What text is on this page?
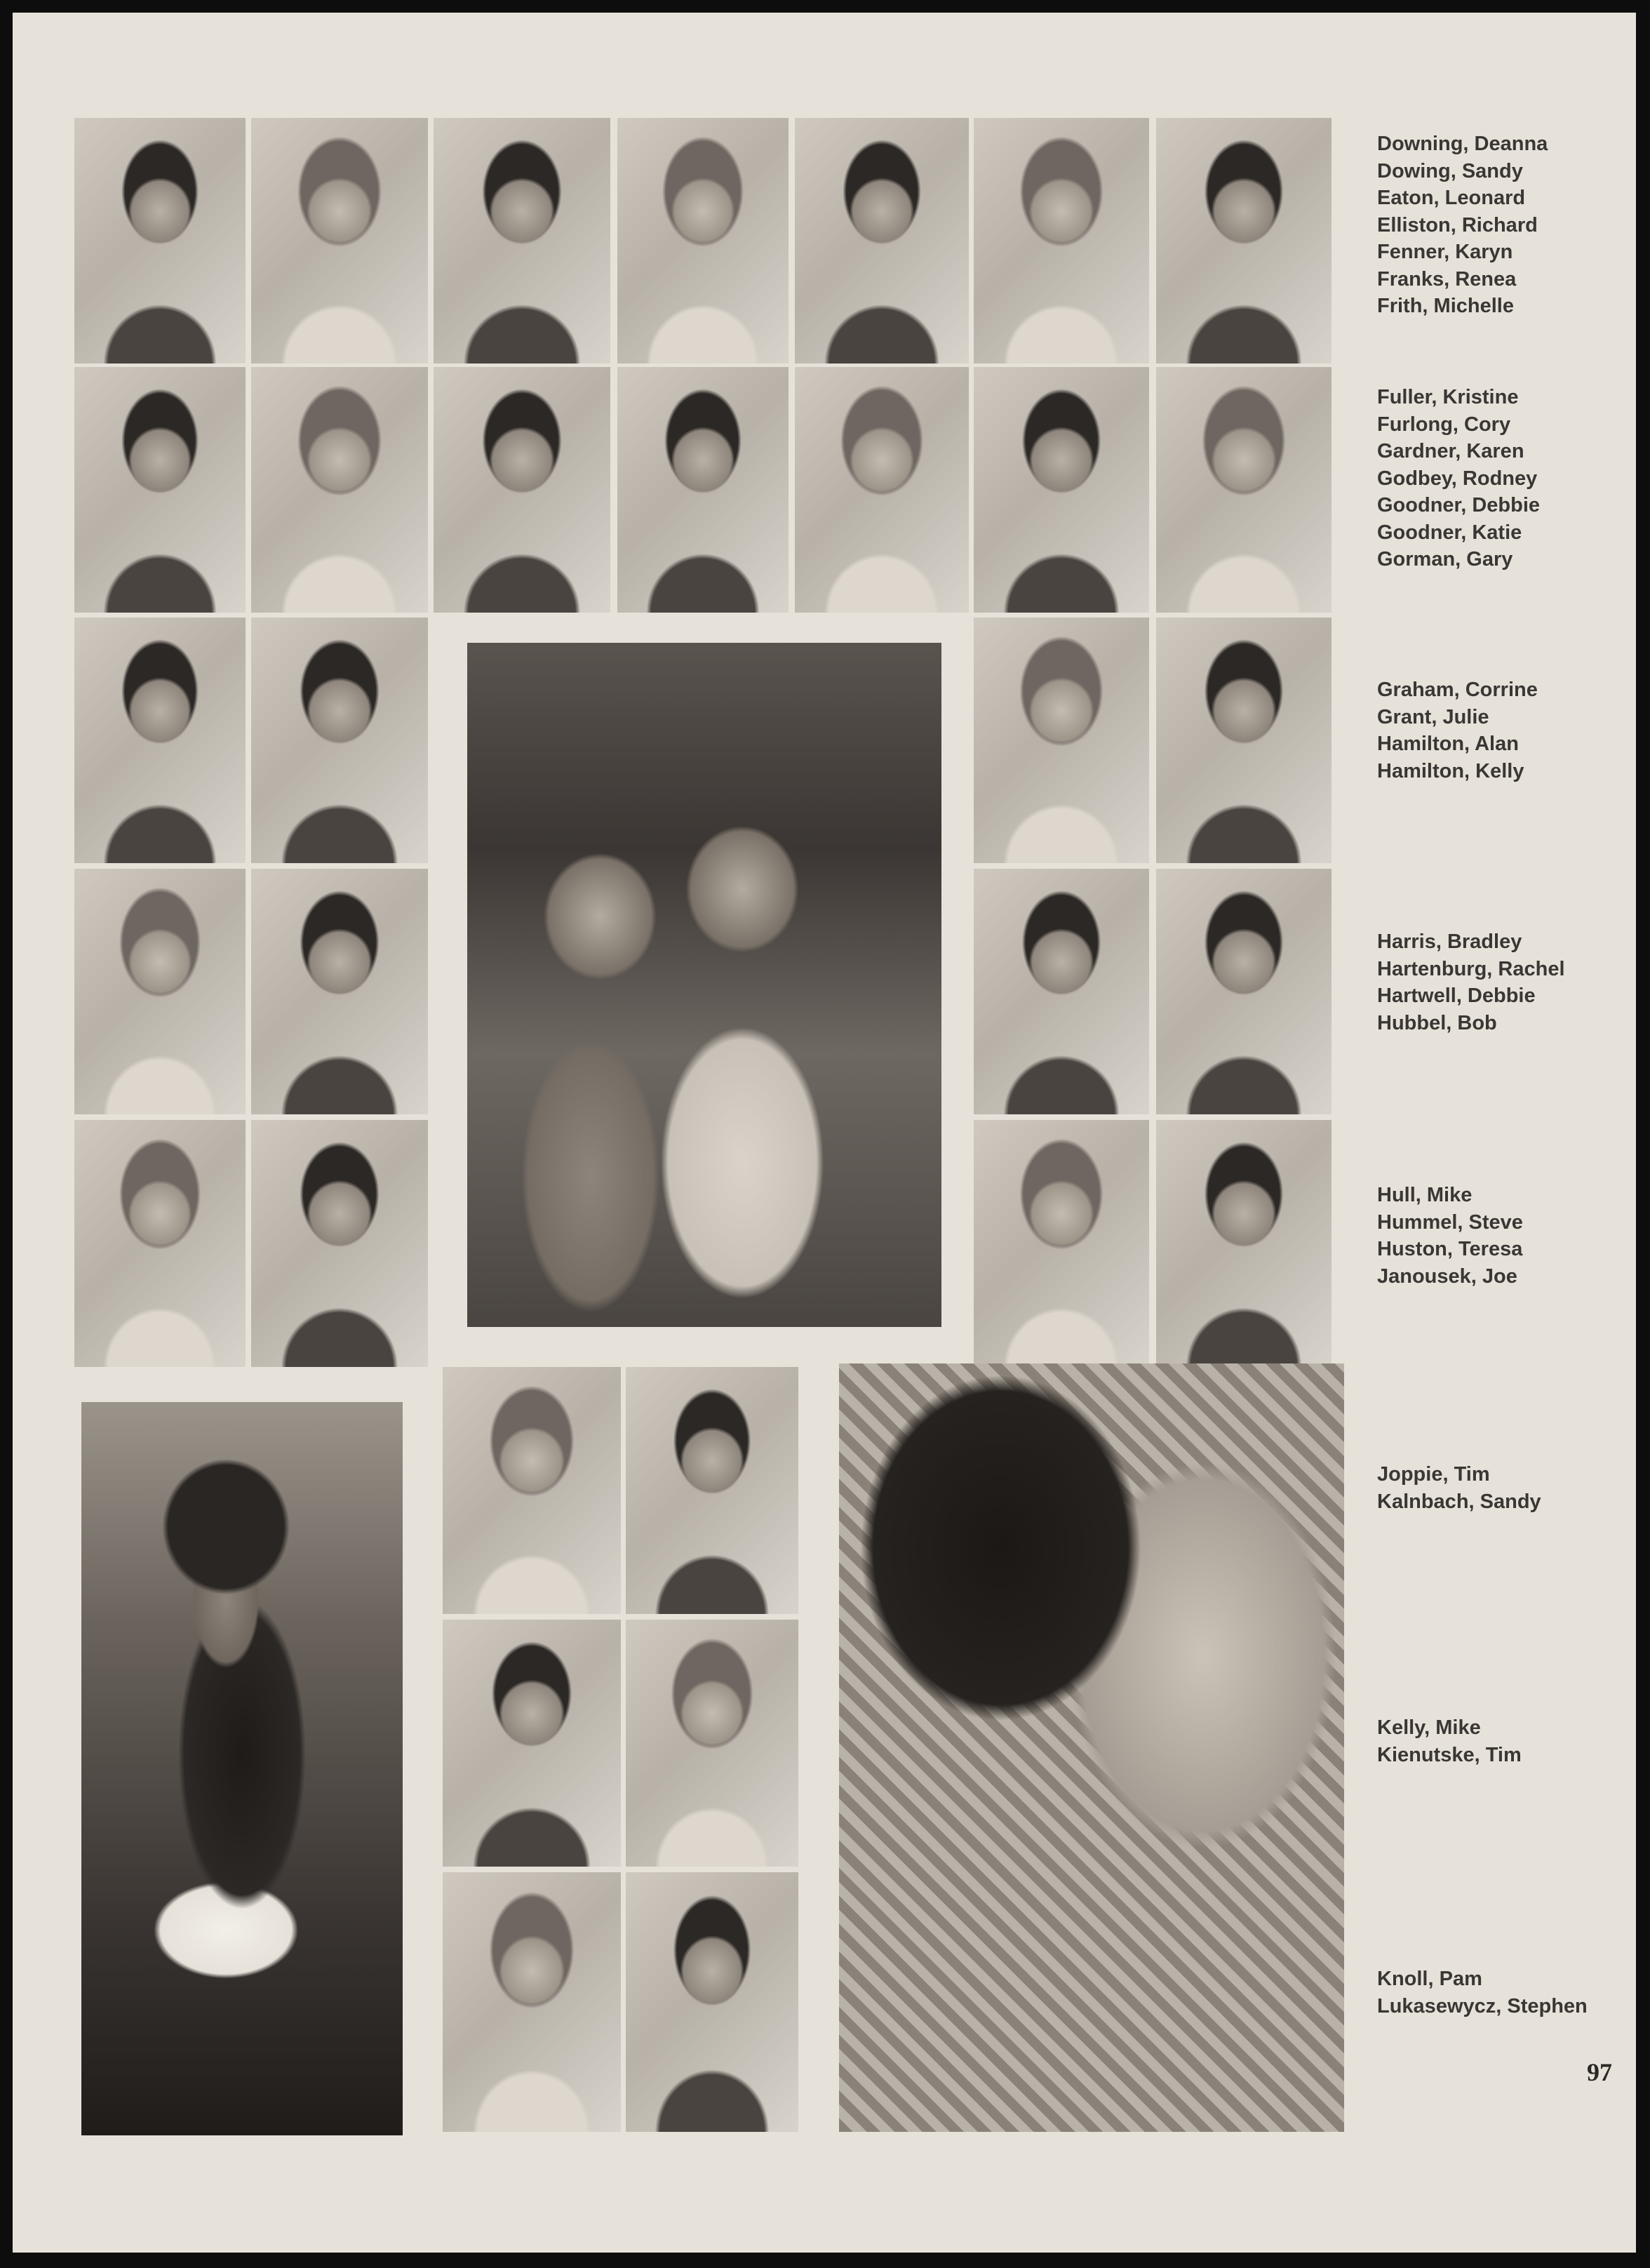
Downing, Deanna
Dowing, Sandy
Eaton, Leonard
Elliston, Richard
Fenner, Karyn
Franks, Renea
Frith, Michelle
Fuller, Kristine
Furlong, Cory
Gardner, Karen
Godbey, Rodney
Goodner, Debbie
Goodner, Katie
Gorman, Gary
Graham, Corrine
Grant, Julie
Hamilton, Alan
Hamilton, Kelly
Harris, Bradley
Hartenburg, Rachel
Hartwell, Debbie
Hubbel, Bob
Hull, Mike
Hummel, Steve
Huston, Teresa
Janousek, Joe
Joppie, Tim
Kalnbach, Sandy
Kelly, Mike
Kienutske, Tim
Knoll, Pam
Lukasewycz, Stephen
97
